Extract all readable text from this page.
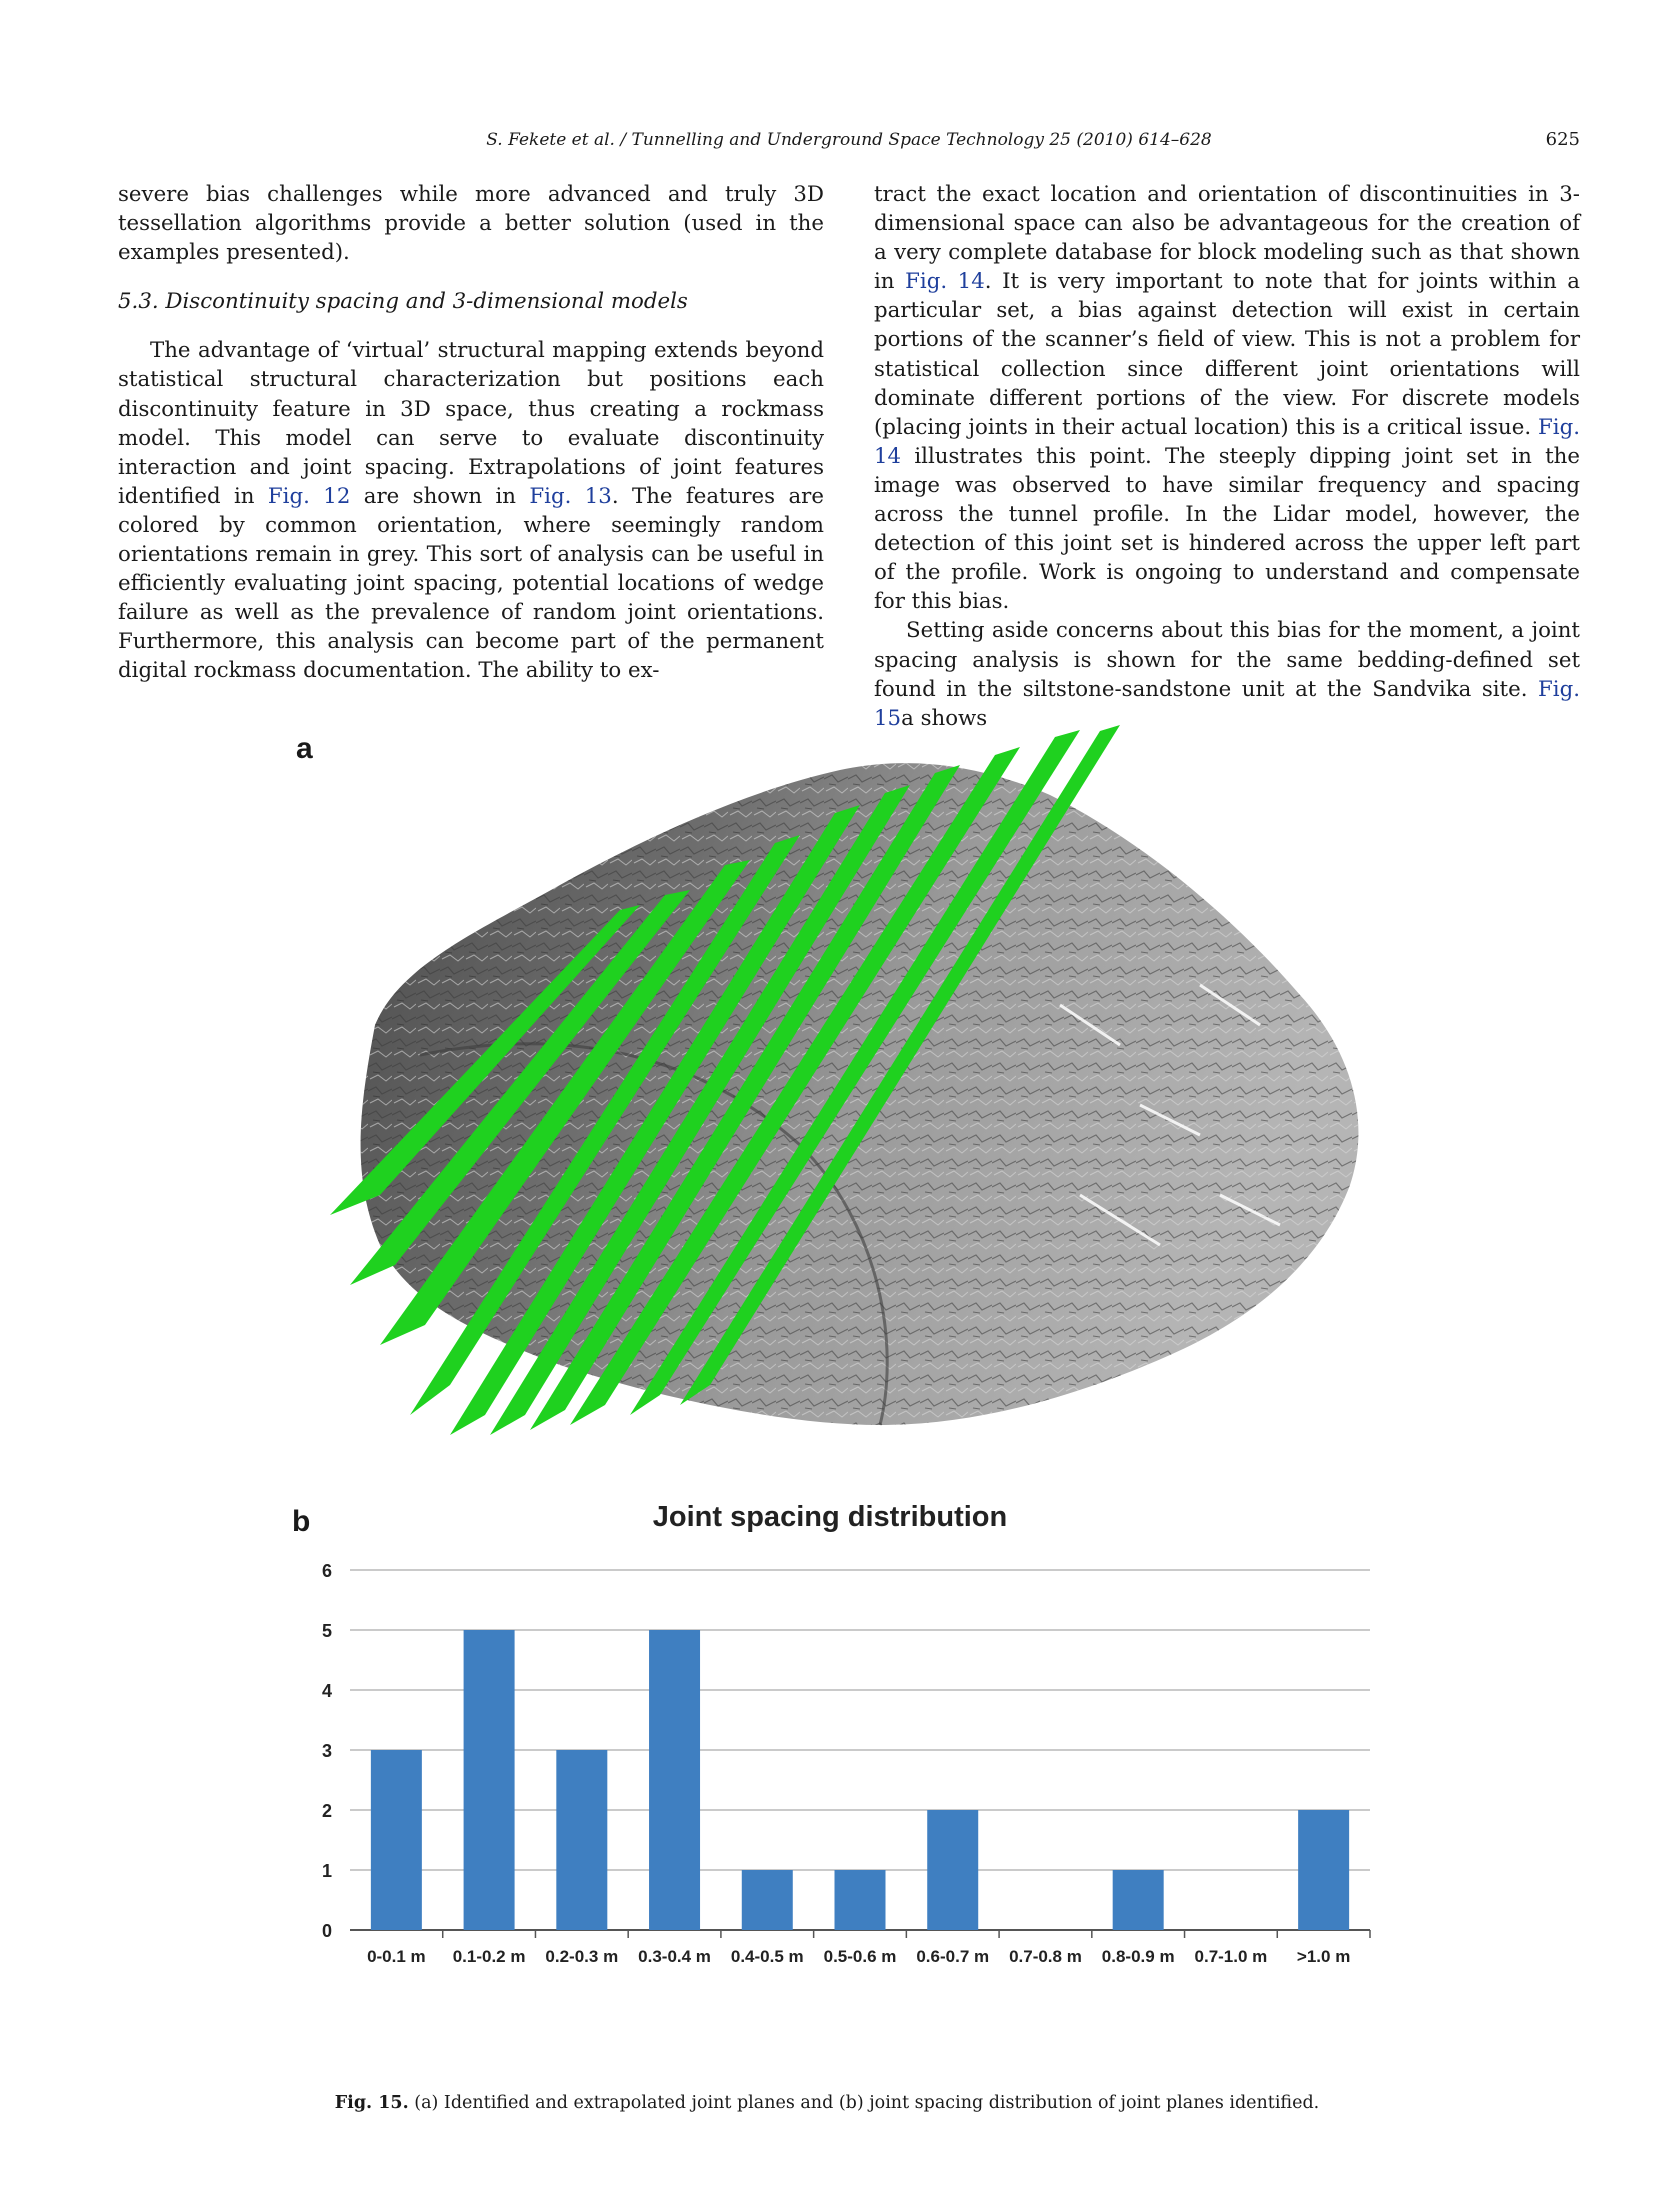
S. Fekete et al. / Tunnelling and Underground Space Technology 25 (2010) 614–628	625

severe bias challenges while more advanced and truly 3D tessellation algorithms provide a better solution (used in the examples presented).

5.3. Discontinuity spacing and 3-dimensional models

The advantage of ‘virtual’ structural mapping extends beyond statistical structural characterization but positions each discontinuity feature in 3D space, thus creating a rockmass model. This model can serve to evaluate discontinuity interaction and joint spacing. Extrapolations of joint features identified in Fig. 12 are shown in Fig. 13. The features are colored by common orientation, where seemingly random orientations remain in grey. This sort of analysis can be useful in efficiently evaluating joint spacing, potential locations of wedge failure as well as the prevalence of random joint orientations. Furthermore, this analysis can become part of the permanent digital rockmass documentation. The ability to ex-

tract the exact location and orientation of discontinuities in 3-dimensional space can also be advantageous for the creation of a very complete database for block modeling such as that shown in Fig. 14. It is very important to note that for joints within a particular set, a bias against detection will exist in certain portions of the scanner’s field of view. This is not a problem for statistical collection since different joint orientations will dominate different portions of the view. For discrete models (placing joints in their actual location) this is a critical issue. Fig. 14 illustrates this point. The steeply dipping joint set in the image was observed to have similar frequency and spacing across the tunnel profile. In the Lidar model, however, the detection of this joint set is hindered across the upper left part of the profile. Work is ongoing to understand and compensate for this bias.

Setting aside concerns about this bias for the moment, a joint spacing analysis is shown for the same bedding-defined set found in the siltstone-sandstone unit at the Sandvika site. Fig. 15a shows

a
b	Joint spacing distribution
0
1
2
3
4
5
6
0-0.1 m 0.1-0.2 m 0.2-0.3 m 0.3-0.4 m 0.4-0.5 m 0.5-0.6 m 0.6-0.7 m 0.7-0.8 m 0.8-0.9 m 0.7-1.0 m >1.0 m
Fig. 15. (a) Identified and extrapolated joint planes and (b) joint spacing distribution of joint planes identified.
